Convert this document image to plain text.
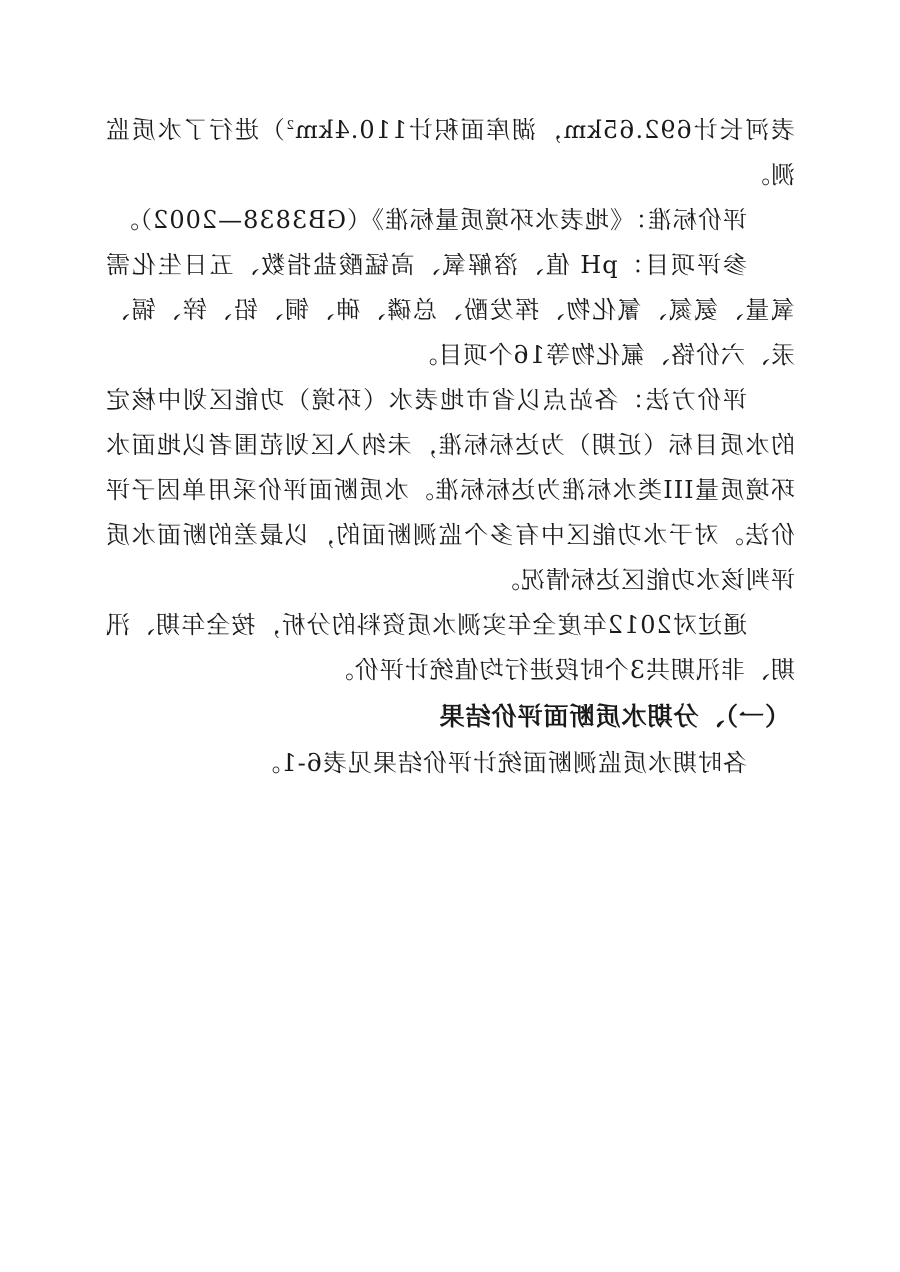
表河长计692.65km，湖库面积计$110.4km^2$）进行了水质监测。

评价标准：《地表水环境质量标准》（GB3838—2002）。

参评项目：pH 值、溶解氧、高锰酸盐指数、五日生化需氧量、氨氮、氰化物、挥发酚、总磷、砷、铜、铅、锌、镉、汞、六价铬、氟化物等16个项目。

评价方法：各站点以省市地表水（环境）功能区划中核定的水质目标（近期）为达标标准，未纳入区划范围者以地面水环境质量III类水标准为达标标准。水质断面评价采用单因子评价法。对于水功能区中有多个监测断面的，以最差的断面水质评判该水功能区达标情况。

通过对2012年度全年实测水质资料的分析，按全年期、汛期、非汛期共3个时段进行均值统计评价。

（一）、分期水质断面评价结果

各时期水质监测断面统计评价结果见表6-1。
